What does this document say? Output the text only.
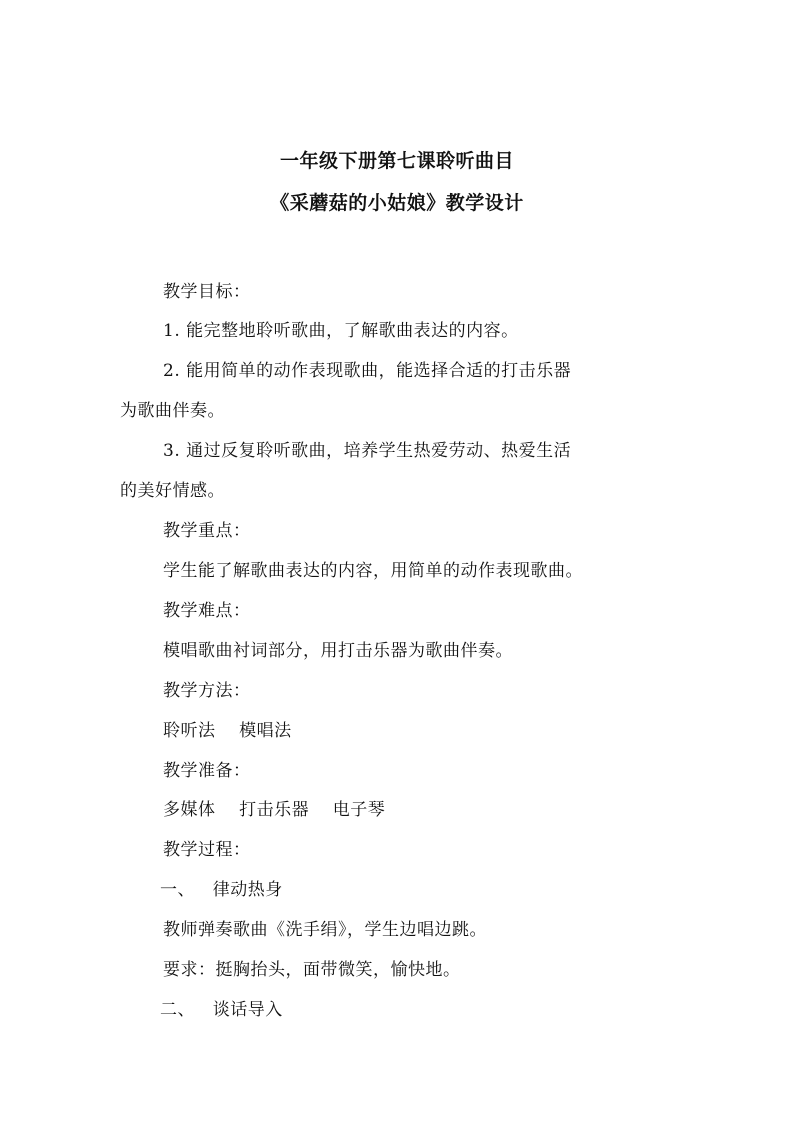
一年级下册第七课聆听曲目
《采蘑菇的小姑娘》教学设计
教学目标：
1. 能完整地聆听歌曲，了解歌曲表达的内容。
2. 能用简单的动作表现歌曲，能选择合适的打击乐器
为歌曲伴奏。
3. 通过反复聆听歌曲，培养学生热爱劳动、热爱生活
的美好情感。
教学重点：
学生能了解歌曲表达的内容，用简单的动作表现歌曲。
教学难点：
模唱歌曲衬词部分，用打击乐器为歌曲伴奏。
教学方法：
聆听法    模唱法
教学准备：
多媒体    打击乐器    电子琴
教学过程：
一、   律动热身
教师弹奏歌曲《洗手绢》，学生边唱边跳。
要求：挺胸抬头，面带微笑，愉快地。
二、   谈话导入
